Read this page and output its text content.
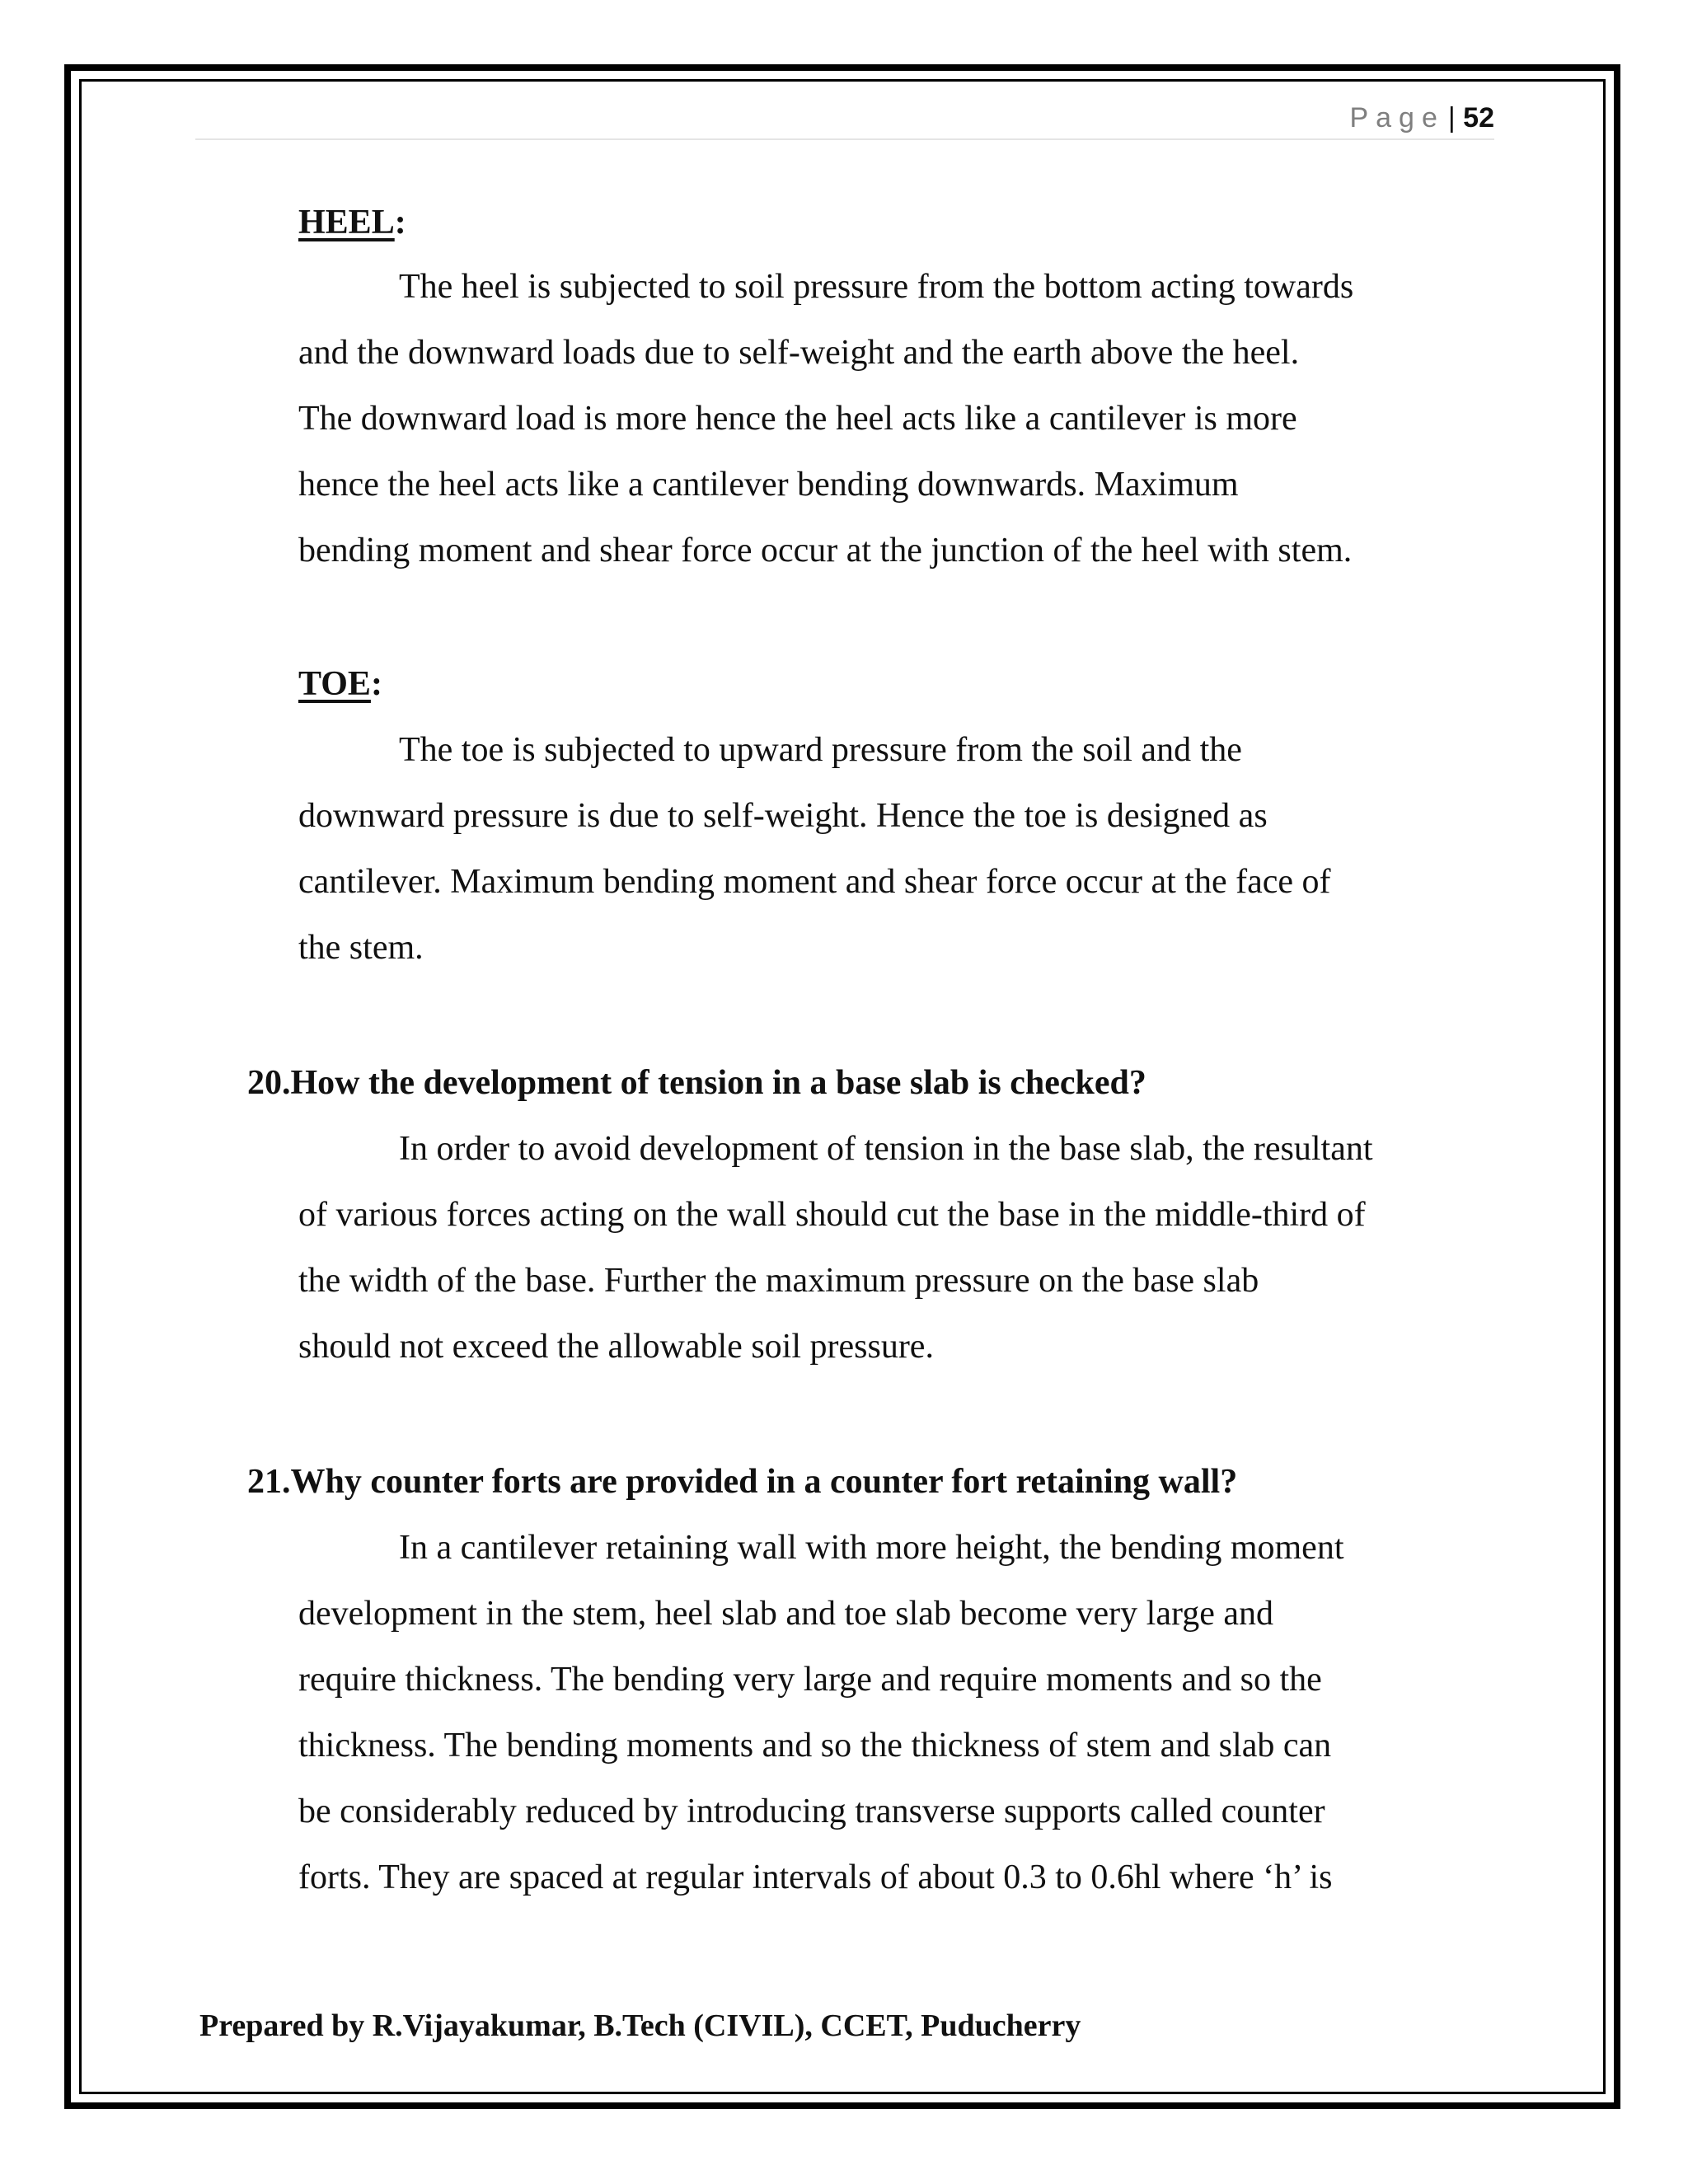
Page | 52
HEEL:
The heel is subjected to soil pressure from the bottom acting towards
and the downward loads due to self-weight and the earth above the heel.
The downward load is more hence the heel acts like a cantilever is more
hence the heel acts like a cantilever bending downwards. Maximum
bending moment and shear force occur at the junction of the heel with stem.
TOE:
The toe is subjected to upward pressure from the soil and the
downward pressure is due to self-weight. Hence the toe is designed as
cantilever. Maximum bending moment and shear force occur at the face of
the stem.
20.How the development of tension in a base slab is checked?
In order to avoid development of tension in the base slab, the resultant
of various forces acting on the wall should cut the base in the middle-third of
the width of the base. Further the maximum pressure on the base slab
should not exceed the allowable soil pressure.
21.Why counter forts are provided in a counter fort retaining wall?
In a cantilever retaining wall with more height, the bending moment
development in the stem, heel slab and toe slab become very large and
require thickness. The bending very large and require moments and so the
thickness. The bending moments and so the thickness of stem and slab can
be considerably reduced by introducing transverse supports called counter
forts. They are spaced at regular intervals of about 0.3 to 0.6hl where ‘h’ is
Prepared by R.Vijayakumar, B.Tech (CIVIL), CCET, Puducherry
